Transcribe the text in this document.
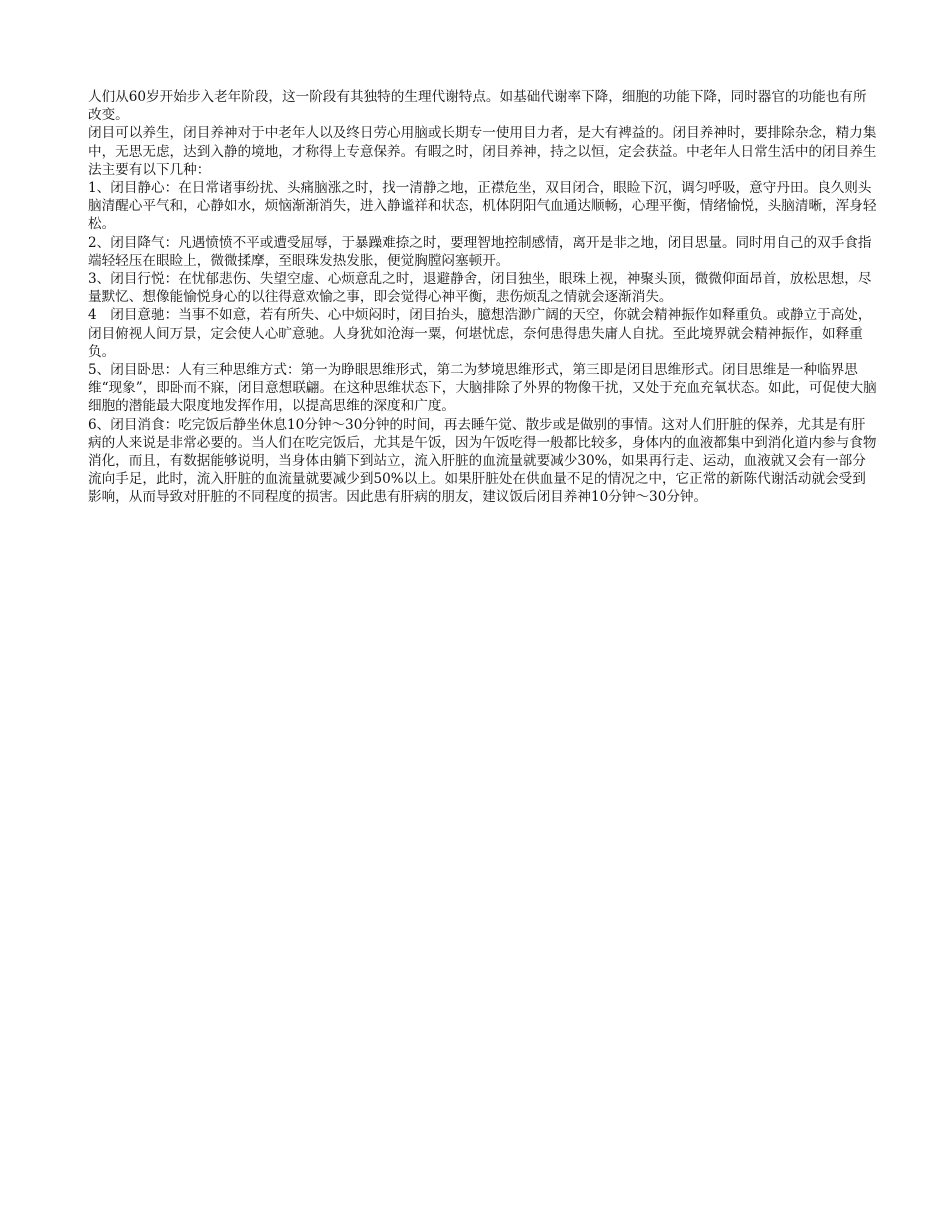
人们从60岁开始步入老年阶段，这一阶段有其独特的生理代谢特点。如基础代谢率下降，细胞的功能下降，同时器官的功能也有所改变。

闭目可以养生，闭目养神对于中老年人以及终日劳心用脑或长期专一使用目力者，是大有裨益的。闭目养神时，要排除杂念，精力集中，无思无虑，达到入静的境地，才称得上专意保养。有暇之时，闭目养神，持之以恒，定会获益。中老年人日常生活中的闭目养生法主要有以下几种：

1、闭目静心：在日常诸事纷扰、头痛脑涨之时，找一清静之地，正襟危坐，双目闭合，眼睑下沉，调匀呼吸，意守丹田。良久则头脑清醒心平气和，心静如水，烦恼渐渐消失，进入静谧祥和状态，机体阴阳气血通达顺畅，心理平衡，情绪愉悦，头脑清晰，浑身轻松。

2、闭目降气：凡遇愤愤不平或遭受屈辱，于暴躁难捺之时，要理智地控制感情，离开是非之地，闭目思量。同时用自己的双手食指端轻轻压在眼睑上，微微揉摩，至眼珠发热发胀，便觉胸膛闷塞顿开。

3、闭目行悦：在忧郁悲伤、失望空虚、心烦意乱之时，退避静舍，闭目独坐，眼珠上视，神聚头顶，微微仰面昂首，放松思想，尽量默忆、想像能愉悦身心的以往得意欢愉之事，即会觉得心神平衡，悲伤烦乱之情就会逐渐消失。

4　闭目意驰：当事不如意，若有所失、心中烦闷时，闭目抬头，臆想浩渺广阔的天空，你就会精神振作如释重负。或静立于高处，闭目俯视人间万景，定会使人心旷意驰。人身犹如沧海一粟，何堪忧虑，奈何患得患失庸人自扰。至此境界就会精神振作，如释重负。

5、闭目卧思：人有三种思维方式：第一为睁眼思维形式，第二为梦境思维形式，第三即是闭目思维形式。闭目思维是一种临界思维“现象”，即卧而不寐，闭目意想联翩。在这种思维状态下，大脑排除了外界的物像干扰，又处于充血充氧状态。如此，可促使大脑细胞的潜能最大限度地发挥作用，以提高思维的深度和广度。

6、闭目消食：吃完饭后静坐休息10分钟～30分钟的时间，再去睡午觉、散步或是做别的事情。这对人们肝脏的保养，尤其是有肝病的人来说是非常必要的。当人们在吃完饭后，尤其是午饭，因为午饭吃得一般都比较多，身体内的血液都集中到消化道内参与食物消化，而且，有数据能够说明，当身体由躺下到站立，流入肝脏的血流量就要减少30%，如果再行走、运动，血液就又会有一部分流向手足，此时，流入肝脏的血流量就要减少到50%以上。如果肝脏处在供血量不足的情况之中，它正常的新陈代谢活动就会受到影响，从而导致对肝脏的不同程度的损害。因此患有肝病的朋友，建议饭后闭目养神10分钟～30分钟。
